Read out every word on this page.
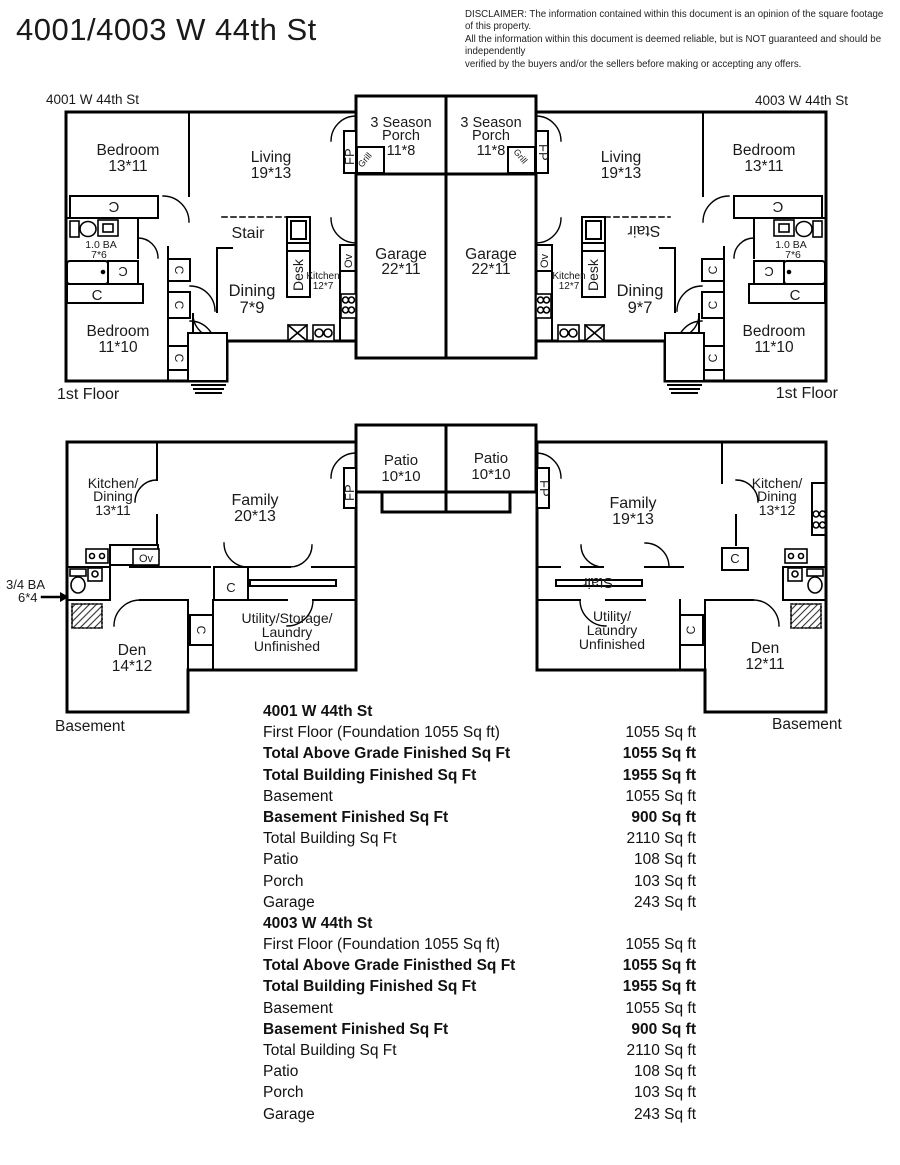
4001/4003 W 44th St	DISCLAIMER: The information contained within this document is an opinion of the square footage of this property.
All the information within this document is deemed reliable, but is NOT guaranteed and should be independently
verified by the buyers and/or the sellers before making or accepting any offers.
4001 W 44th St	4003 W 44th St
1st Floor	1st Floor
3 Season
Porch
11*8
3 Season
Porch
11*8
Garage
22*11
Garage
22*11
Bedroom
13*11
Living
19*13
Stair
1.0 BA
7*6
Dining
7*9
Kitchen
12*7
Bedroom
11*10
Bedroom
13*11
Living
19*13
Stair
1.0 BA
7*6
Dining
9*7
Kitchen
12*7
Bedroom
11*10
C
C
C
C
C
C
C
C
C
C
C
C
FP	FP
Grill	Grill
Desk	Desk
Ov	Ov
Basement	Basement
Patio
10*10
Patio
10*10
Kitchen/
Dining
13*11
Family
20*13
Den
14*12
Utility/Storage/
Laundry
Unfinished
Family
19*13
Kitchen/
Dining
13*12
Stair
Utility/
Laundry
Unfinished	Den
12*11
C
C
C
C
Ov
3/4 BA
6*4
FP	FP
4001 W 44th St
First Floor (Foundation 1055 Sq ft)	1055 Sq ft
Total Above Grade Finished Sq Ft	1055 Sq ft
Total Building Finished Sq Ft	1955 Sq ft
Basement	1055 Sq ft
Basement Finished Sq Ft	900 Sq ft
Total Building Sq Ft	2110 Sq ft
Patio	108 Sq ft
Porch	103 Sq ft
Garage	243 Sq ft
4003 W 44th St
First Floor (Foundation 1055 Sq ft)	1055 Sq ft
Total Above Grade Finisthed Sq Ft	1055 Sq ft
Total Building Finished Sq Ft	1955 Sq ft
Basement	1055 Sq ft
Basement Finished Sq Ft	900 Sq ft
Total Building Sq Ft	2110 Sq ft
Patio	108 Sq ft
Porch	103 Sq ft
Garage	243 Sq ft
